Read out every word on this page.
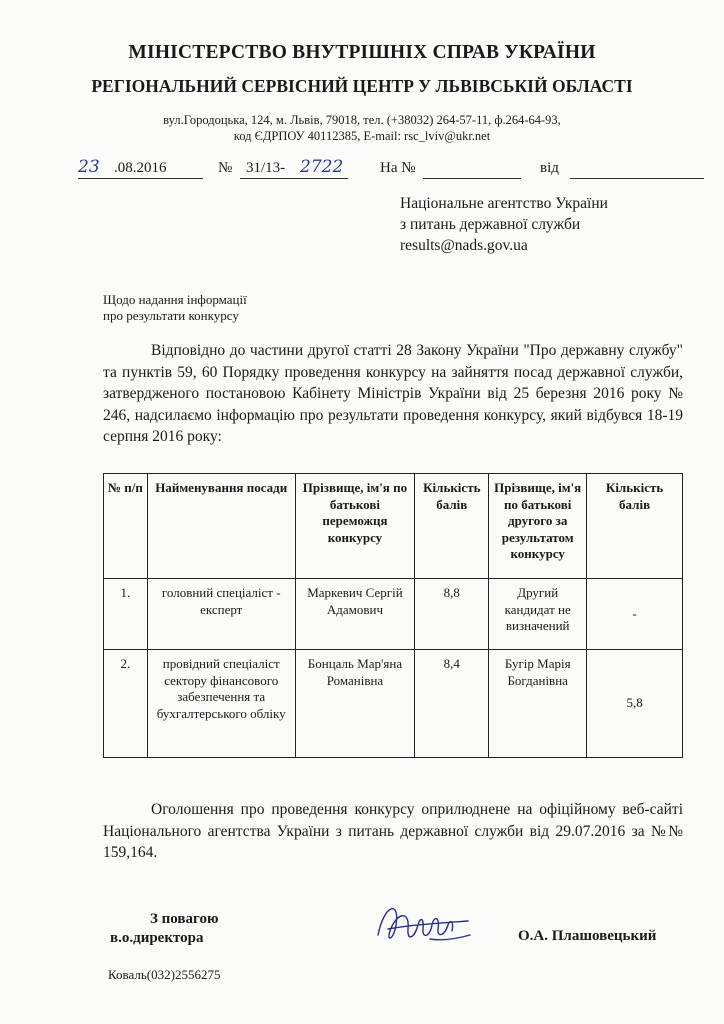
МІНІСТЕРСТВО ВНУТРІШНІХ СПРАВ УКРАЇНИ
РЕГІОНАЛЬНИЙ СЕРВІСНИЙ ЦЕНТР У ЛЬВІВСЬКІЙ ОБЛАСТІ
вул.Городоцька, 124, м. Львів, 79018, тел. (+38032) 264-57-11, ф.264-64-93,
код ЄДРПОУ 40112385, E-mail: rsc_lviv@ukr.net
23 .08.2016	№ 31/13- 2722 На №	від
Національне агентство України
з питань державної служби
results@nads.gov.ua
Щодо надання інформації
про результати конкурсу
Відповідно до частини другої статті 28 Закону України "Про державну службу" та пунктів 59, 60 Порядку проведення конкурсу на зайняття посад державної служби, затвердженого постановою Кабінету Міністрів України від 25 березня 2016 року № 246, надсилаємо інформацію про результати проведення конкурсу, який відбувся 18-19 серпня 2016 року:
№ п/п	Найменування посади	Прізвище, ім'я по батькові переможця конкурсу	Кількість балів	Прізвище, ім'я по батькові другого за результатом конкурсу	Кількість балів
1.	головний спеціаліст - експерт	Маркевич Сергій Адамович	8,8	Другий кандидат не визначений	-
2.	провідний спеціаліст сектору фінансового забезпечення та бухгалтерського обліку	Бонцаль Мар'яна Романівна	8,4	Бугір Марія Богданівна	5,8
Оголошення про проведення конкурсу оприлюднене на офіційному веб-сайті Національного агентства України з питань державної служби від 29.07.2016 за №№ 159,164.
З повагою
в.о.директора	О.А. Плашовецький
Коваль(032)2556275
